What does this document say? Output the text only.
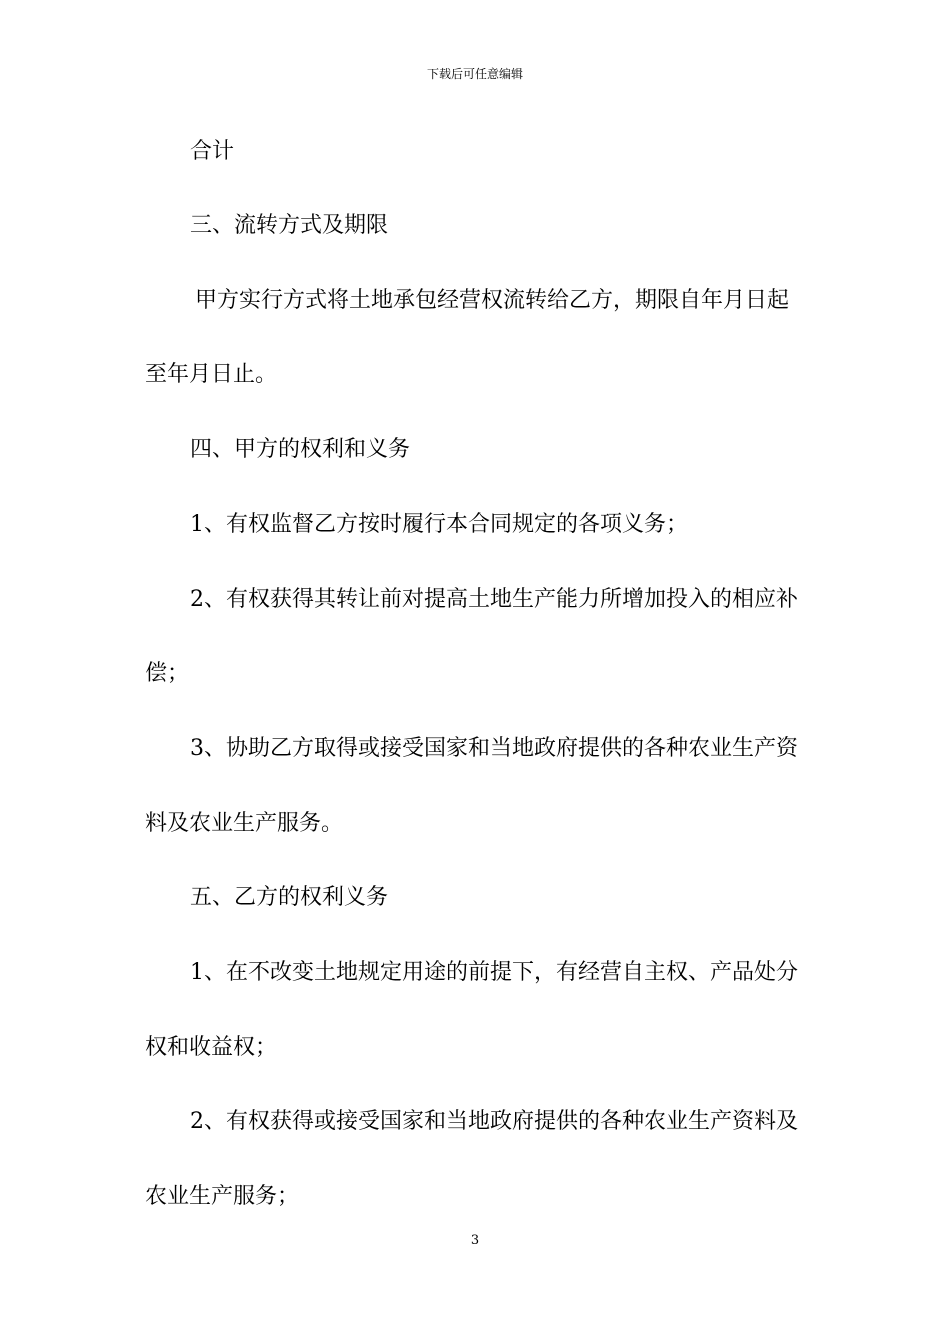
下载后可任意编辑
合计
三、流转方式及期限
甲方实行方式将土地承包经营权流转给乙方，期限自年月日起
至年月日止。
四、甲方的权利和义务
1、有权监督乙方按时履行本合同规定的各项义务；
2、有权获得其转让前对提高土地生产能力所增加投入的相应补
偿；
3、协助乙方取得或接受国家和当地政府提供的各种农业生产资
料及农业生产服务。
五、乙方的权利义务
1、在不改变土地规定用途的前提下，有经营自主权、产品处分
权和收益权；
2、有权获得或接受国家和当地政府提供的各种农业生产资料及
农业生产服务；
3
